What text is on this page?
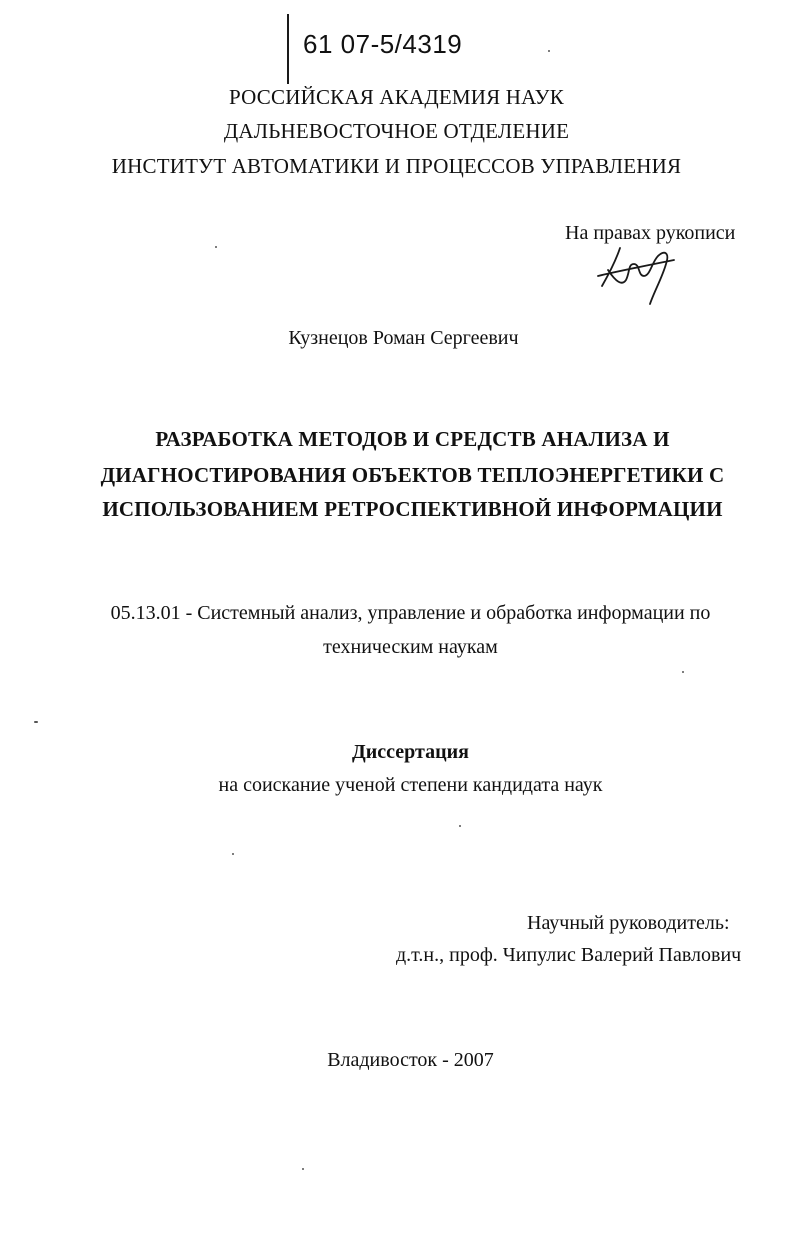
61 07-5/4319
РОССИЙСКАЯ АКАДЕМИЯ НАУК
ДАЛЬНЕВОСТОЧНОЕ ОТДЕЛЕНИЕ
ИНСТИТУТ АВТОМАТИКИ И ПРОЦЕССОВ УПРАВЛЕНИЯ
На правах рукописи
Кузнецов Роман Сергеевич
РАЗРАБОТКА МЕТОДОВ И СРЕДСТВ АНАЛИЗА И
ДИАГНОСТИРОВАНИЯ ОБЪЕКТОВ ТЕПЛОЭНЕРГЕТИКИ С
ИСПОЛЬЗОВАНИЕМ РЕТРОСПЕКТИВНОЙ ИНФОРМАЦИИ
05.13.01 - Системный анализ, управление и обработка информации по
техническим наукам
Диссертация
на соискание ученой степени кандидата наук
Научный руководитель:
д.т.н., проф. Чипулис Валерий Павлович
Владивосток - 2007
